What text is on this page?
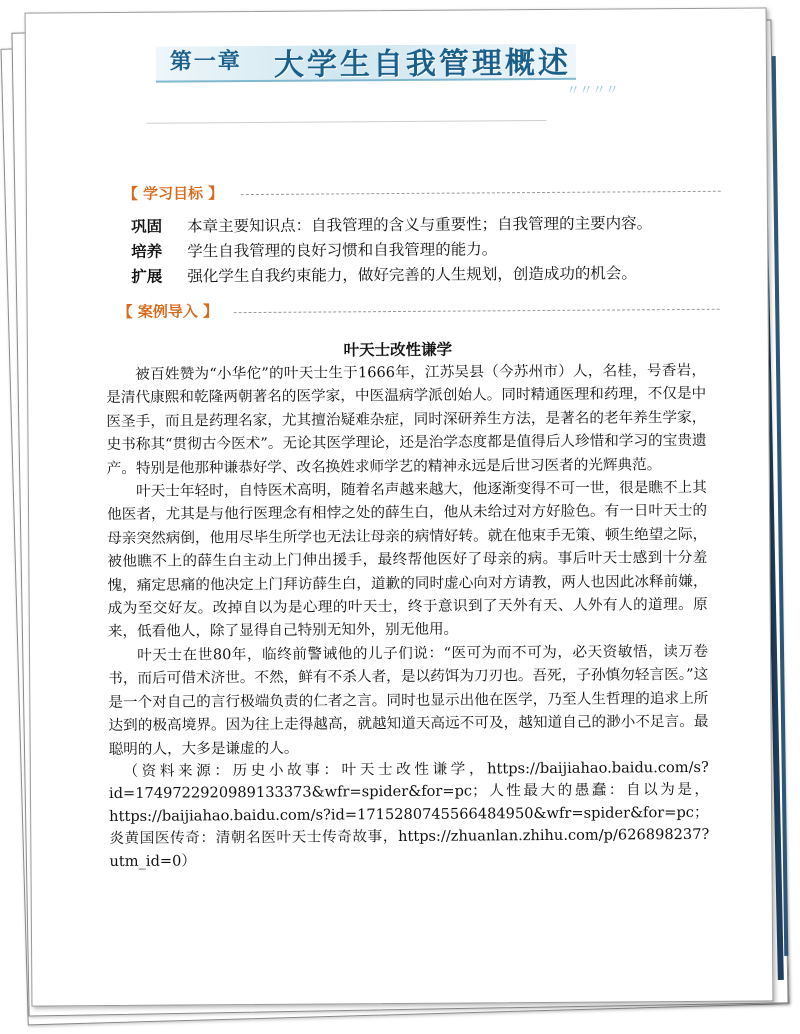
第一章 大学生自我管理概述
〃〃〃〃
【 学习目标 】
巩固 本章主要知识点：自我管理的含义与重要性；自我管理的主要内容。
培养 学生自我管理的良好习惯和自我管理的能力。
扩展 强化学生自我约束能力，做好完善的人生规划，创造成功的机会。
【 案例导入 】
叶天士改性谦学

被百姓赞为“小华佗”的叶天士生于1666年，江苏吴县（今苏州市）人，名桂，号香岩，是清代康熙和乾隆两朝著名的医学家，中医温病学派创始人。同时精通医理和药理，不仅是中医圣手，而且是药理名家，尤其擅治疑难杂症，同时深研养生方法，是著名的老年养生学家，史书称其“贯彻古今医术”。无论其医学理论，还是治学态度都是值得后人珍惜和学习的宝贵遗产。特别是他那种谦恭好学、改名换姓求师学艺的精神永远是后世习医者的光辉典范。

叶天士年轻时，自恃医术高明，随着名声越来越大，他逐渐变得不可一世，很是瞧不上其他医者，尤其是与他行医理念有相悖之处的薛生白，他从未给过对方好脸色。有一日叶天士的母亲突然病倒，他用尽毕生所学也无法让母亲的病情好转。就在他束手无策、顿生绝望之际，被他瞧不上的薛生白主动上门伸出援手，最终帮他医好了母亲的病。事后叶天士感到十分羞愧，痛定思痛的他决定上门拜访薛生白，道歉的同时虚心向对方请教，两人也因此冰释前嫌，成为至交好友。改掉自以为是心理的叶天士，终于意识到了天外有天、人外有人的道理。原来，低看他人，除了显得自己特别无知外，别无他用。

叶天士在世80年，临终前警诫他的儿子们说：“医可为而不可为，必天资敏悟，读万卷书，而后可借术济世。不然，鲜有不杀人者，是以药饵为刀刃也。吾死，子孙慎勿轻言医。”这是一个对自己的言行极端负责的仁者之言。同时也显示出他在医学，乃至人生哲理的追求上所达到的极高境界。因为往上走得越高，就越知道天高远不可及，越知道自己的渺小不足言。最聪明的人，大多是谦虚的人。

（资料来源：历史小故事：叶天士改性谦学，https://baijiahao.baidu.com/s?id=1749722920989133373&wfr=spider&for=pc；人性最大的愚蠢：自以为是，https://baijiahao.baidu.com/s?id=1715280745566484950&wfr=spider&for=pc；炎黄国医传奇：清朝名医叶天士传奇故事，https://zhuanlan.zhihu.com/p/626898237?utm_id=0）
